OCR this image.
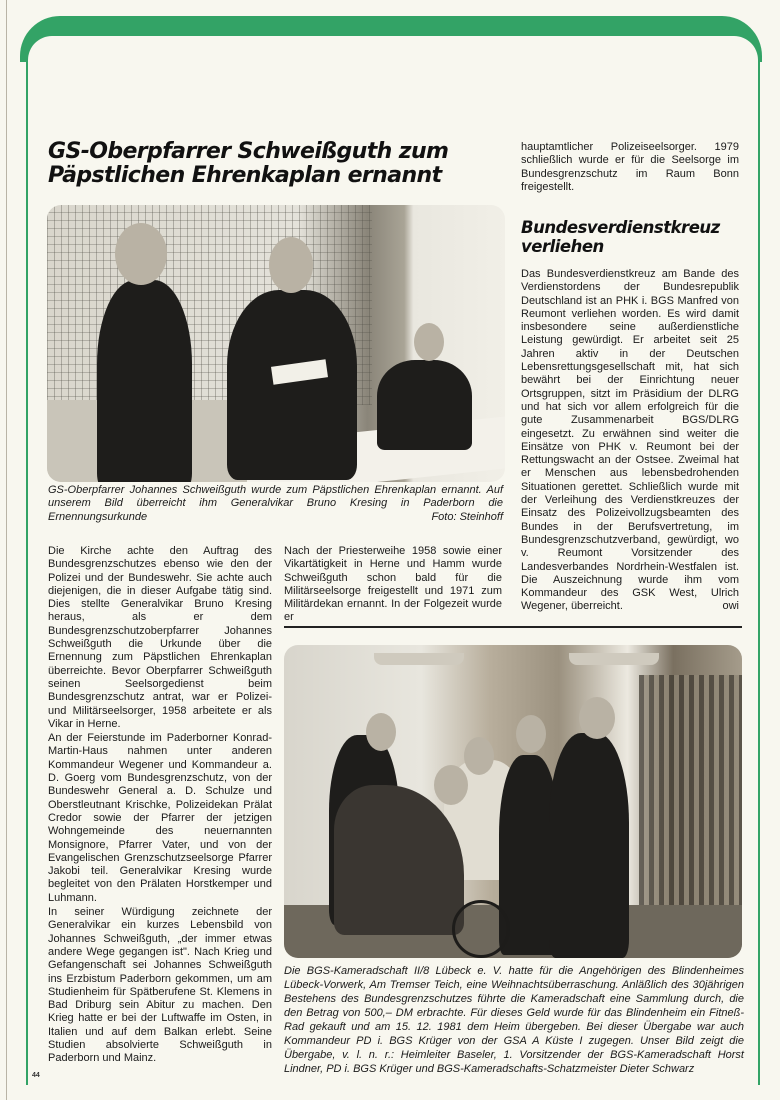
GS-Oberpfarrer Schweißguth zum
Päpstlichen Ehrenkaplan ernannt

GS-Oberpfarrer Johannes Schweißguth wurde zum Päpstlichen Ehrenkaplan ernannt. Auf unserem Bild überreicht ihm Generalvikar Bruno Kresing in Paderborn die Ernennungsurkunde	Foto: Steinhoff

Die Kirche achte den Auftrag des Bundesgrenzschutzes ebenso wie den der Polizei und der Bundeswehr. Sie achte auch diejenigen, die in dieser Aufgabe tätig sind. Dies stellte Generalvikar Bruno Kresing heraus, als er dem Bundesgrenzschutzoberpfarrer Johannes Schweißguth die Urkunde über die Ernennung zum Päpstlichen Ehrenkaplan überreichte. Bevor Oberpfarrer Schweißguth seinen Seelsorgedienst beim Bundesgrenzschutz antrat, war er Polizei- und Militärseelsorger, 1958 arbeitete er als Vikar in Herne.

An der Feierstunde im Paderborner Konrad-Martin-Haus nahmen unter anderen Kommandeur Wegener und Kommandeur a. D. Goerg vom Bundesgrenzschutz, von der Bundeswehr General a. D. Schulze und Oberstleutnant Krischke, Polizeidekan Prälat Credor sowie der Pfarrer der jetzigen Wohngemeinde des neuernannten Monsignore, Pfarrer Vater, und von der Evangelischen Grenzschutzseelsorge Pfarrer Jakobi teil. Generalvikar Kresing wurde begleitet von den Prälaten Horstkemper und Luhmann.

In seiner Würdigung zeichnete der Generalvikar ein kurzes Lebensbild von Johannes Schweißguth, „der immer etwas andere Wege gegangen ist". Nach Krieg und Gefangenschaft sei Johannes Schweißguth ins Erzbistum Paderborn gekommen, um am Studienheim für Spätberufene St. Klemens in Bad Driburg sein Abitur zu machen. Den Krieg hatte er bei der Luftwaffe im Osten, in Italien und auf dem Balkan erlebt. Seine Studien absolvierte Schweißguth in Paderborn und Mainz.

Nach der Priesterweihe 1958 sowie einer Vikartätigkeit in Herne und Hamm wurde Schweißguth schon bald für die Militärseelsorge freigestellt und 1971 zum Militärdekan ernannt. In der Folgezeit wurde er

hauptamtlicher Polizeiseelsorger. 1979 schließlich wurde er für die Seelsorge im Bundesgrenzschutz im Raum Bonn freigestellt.

Bundesverdienstkreuz
verliehen

Das Bundesverdienstkreuz am Bande des Verdienstordens der Bundesrepublik Deutschland ist an PHK i. BGS Manfred von Reumont verliehen worden. Es wird damit insbesondere seine außerdienstliche Leistung gewürdigt. Er arbeitet seit 25 Jahren aktiv in der Deutschen Lebensrettungsgesellschaft mit, hat sich bewährt bei der Einrichtung neuer Ortsgruppen, sitzt im Präsidium der DLRG und hat sich vor allem erfolgreich für die gute Zusammenarbeit BGS/DLRG eingesetzt. Zu erwähnen sind weiter die Einsätze von PHK v. Reumont bei der Rettungswacht an der Ostsee. Zweimal hat er Menschen aus lebensbedrohenden Situationen gerettet. Schließlich wurde mit der Verleihung des Verdienstkreuzes der Einsatz des Polizeivollzugsbeamten des Bundes in der Berufsvertretung, im Bundesgrenzschutzverband, gewürdigt, wo v. Reumont Vorsitzender des Landesverbandes Nordrhein-Westfalen ist. Die Auszeichnung wurde ihm vom Kommandeur des GSK West, Ulrich Wegener, überreicht.	owi

Die BGS-Kameradschaft II/8 Lübeck e. V. hatte für die Angehörigen des Blindenheimes Lübeck-Vorwerk, Am Tremser Teich, eine Weihnachtsüberraschung. Anläßlich des 30jährigen Bestehens des Bundesgrenzschutzes führte die Kameradschaft eine Sammlung durch, die den Betrag von 500,– DM erbrachte. Für dieses Geld wurde für das Blindenheim ein Fitneß-Rad gekauft und am 15. 12. 1981 dem Heim übergeben. Bei dieser Übergabe war auch Kommandeur PD i. BGS Krüger von der GSA A Küste I zugegen. Unser Bild zeigt die Übergabe, v. l. n. r.: Heimleiter Baseler, 1. Vorsitzender der BGS-Kameradschaft Horst Lindner, PD i. BGS Krüger und BGS-Kameradschafts-Schatzmeister Dieter Schwarz

44
